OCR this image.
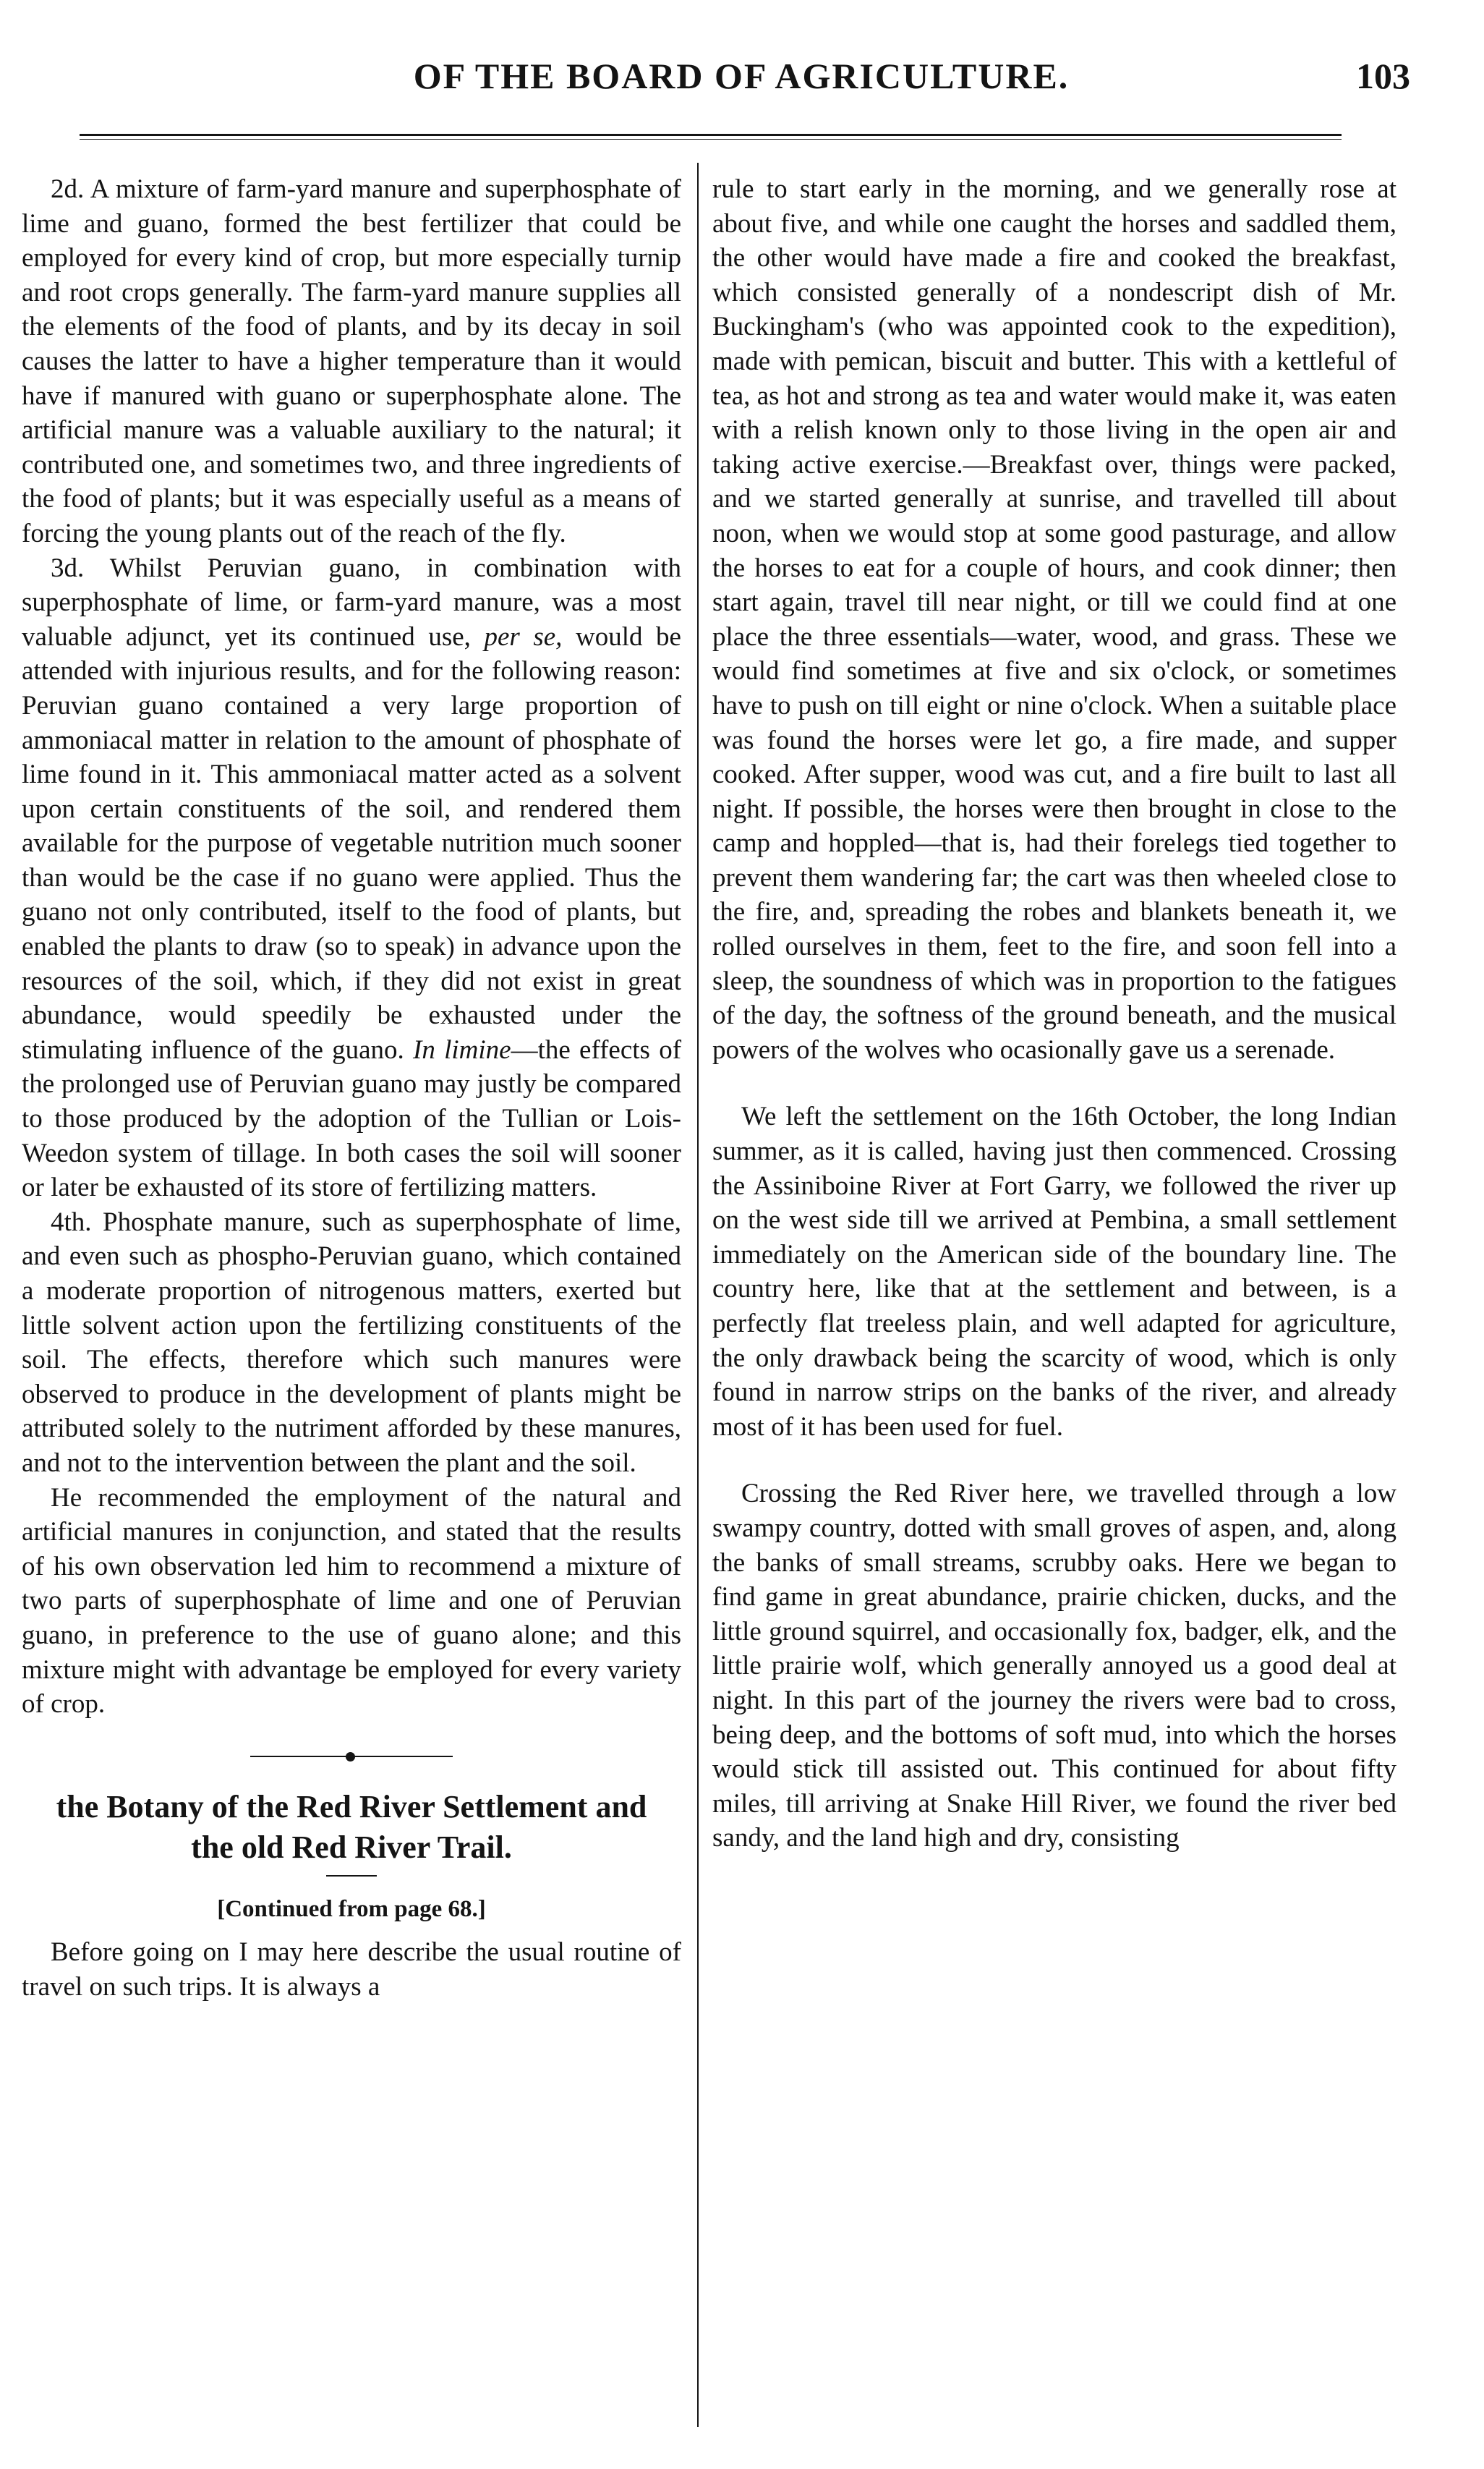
OF THE BOARD OF AGRICULTURE.	103

2d. A mixture of farm-yard manure and superphosphate of lime and guano, formed the best fertilizer that could be employed for every kind of crop, but more especially turnip and root crops generally. The farm-yard manure supplies all the elements of the food of plants, and by its decay in soil causes the latter to have a higher temperature than it would have if manured with guano or superphosphate alone. The artificial manure was a valuable auxiliary to the natural; it contributed one, and sometimes two, and three ingredients of the food of plants; but it was especially useful as a means of forcing the young plants out of the reach of the fly.

3d. Whilst Peruvian guano, in combination with superphosphate of lime, or farm-yard manure, was a most valuable adjunct, yet its continued use, per se, would be attended with injurious results, and for the following reason: Peruvian guano contained a very large proportion of ammoniacal matter in relation to the amount of phosphate of lime found in it. This ammoniacal matter acted as a solvent upon certain constituents of the soil, and rendered them available for the purpose of vegetable nutrition much sooner than would be the case if no guano were applied. Thus the guano not only contributed, itself to the food of plants, but enabled the plants to draw (so to speak) in advance upon the resources of the soil, which, if they did not exist in great abundance, would speedily be exhausted under the stimulating influence of the guano. In limine—the effects of the prolonged use of Peruvian guano may justly be compared to those produced by the adoption of the Tullian or Lois-Weedon system of tillage. In both cases the soil will sooner or later be exhausted of its store of fertilizing matters.

4th. Phosphate manure, such as superphosphate of lime, and even such as phospho-Peruvian guano, which contained a moderate proportion of nitrogenous matters, exerted but little solvent action upon the fertilizing constituents of the soil. The effects, therefore which such manures were observed to produce in the development of plants might be attributed solely to the nutriment afforded by these manures, and not to the intervention between the plant and the soil.

He recommended the employment of the natural and artificial manures in conjunction, and stated that the results of his own observation led him to recommend a mixture of two parts of superphosphate of lime and one of Peruvian guano, in preference to the use of guano alone; and this mixture might with advantage be employed for every variety of crop.

the Botany of the Red River Settlement and the old Red River Trail.
[Continued from page 68.]

Before going on I may here describe the usual routine of travel on such trips. It is always a

rule to start early in the morning, and we generally rose at about five, and while one caught the horses and saddled them, the other would have made a fire and cooked the breakfast, which consisted generally of a nondescript dish of Mr. Buckingham's (who was appointed cook to the expedition), made with pemican, biscuit and butter. This with a kettleful of tea, as hot and strong as tea and water would make it, was eaten with a relish known only to those living in the open air and taking active exercise.—Breakfast over, things were packed, and we started generally at sunrise, and travelled till about noon, when we would stop at some good pasturage, and allow the horses to eat for a couple of hours, and cook dinner; then start again, travel till near night, or till we could find at one place the three essentials—water, wood, and grass. These we would find sometimes at five and six o'clock, or sometimes have to push on till eight or nine o'clock. When a suitable place was found the horses were let go, a fire made, and supper cooked. After supper, wood was cut, and a fire built to last all night. If possible, the horses were then brought in close to the camp and hoppled—that is, had their forelegs tied together to prevent them wandering far; the cart was then wheeled close to the fire, and, spreading the robes and blankets beneath it, we rolled ourselves in them, feet to the fire, and soon fell into a sleep, the soundness of which was in proportion to the fatigues of the day, the softness of the ground beneath, and the musical powers of the wolves who ocasionally gave us a serenade.

We left the settlement on the 16th October, the long Indian summer, as it is called, having just then commenced. Crossing the Assiniboine River at Fort Garry, we followed the river up on the west side till we arrived at Pembina, a small settlement immediately on the American side of the boundary line. The country here, like that at the settlement and between, is a perfectly flat treeless plain, and well adapted for agriculture, the only drawback being the scarcity of wood, which is only found in narrow strips on the banks of the river, and already most of it has been used for fuel.

Crossing the Red River here, we travelled through a low swampy country, dotted with small groves of aspen, and, along the banks of small streams, scrubby oaks. Here we began to find game in great abundance, prairie chicken, ducks, and the little ground squirrel, and occasionally fox, badger, elk, and the little prairie wolf, which generally annoyed us a good deal at night. In this part of the journey the rivers were bad to cross, being deep, and the bottoms of soft mud, into which the horses would stick till assisted out. This continued for about fifty miles, till arriving at Snake Hill River, we found the river bed sandy, and the land high and dry, consisting
